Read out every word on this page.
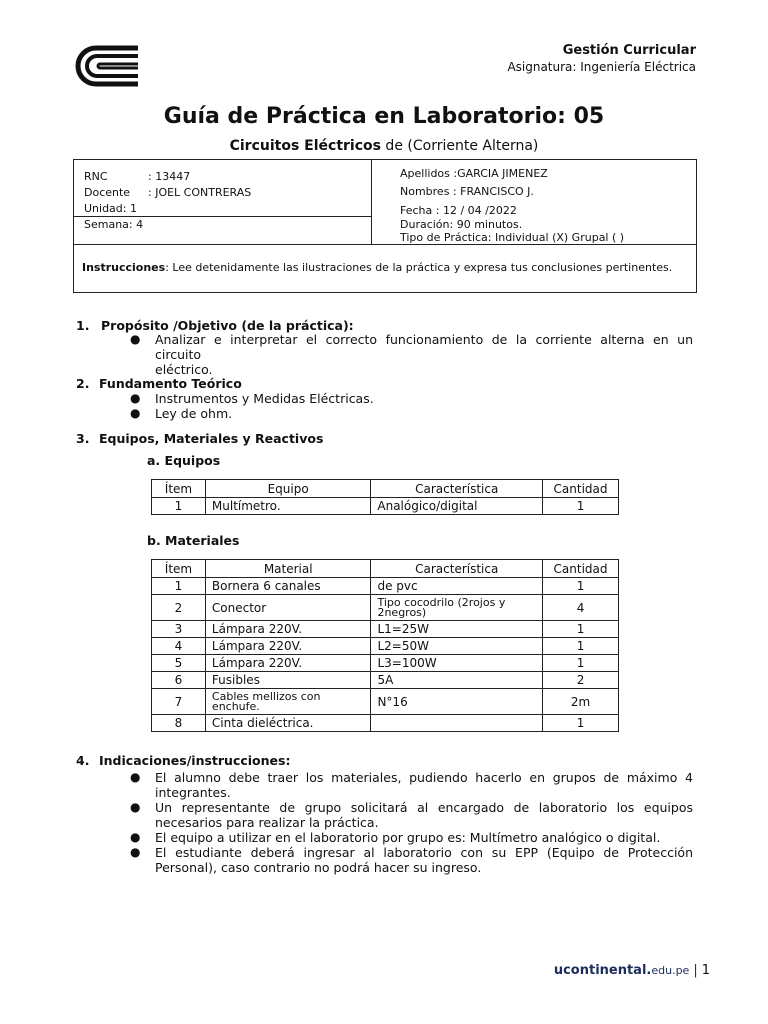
Gestión Curricular
Asignatura: Ingeniería Eléctrica
Guía de Práctica en Laboratorio: 05
Circuitos Eléctricos de (Corriente Alterna)
RNC	: 13447
Docente : JOEL CONTRERAS
Unidad: 1
Semana: 4
Apellidos :GARCIA JIMENEZ
Nombres : FRANCISCO J.
Fecha : 12 / 04 /2022
Duración: 90 minutos.
Tipo de Práctica: Individual (X) Grupal ( )
Instrucciones: Lee detenidamente las ilustraciones de la práctica y expresa tus conclusiones pertinentes.
1. Propósito /Objetivo (de la práctica):
● Analizar e interpretar el correcto funcionamiento de la corriente alterna en un circuito
eléctrico.
2. Fundamento Teórico
● Instrumentos y Medidas Eléctricas.
● Ley de ohm.
3. Equipos, Materiales y Reactivos
a. Equipos
Ítem	Equipo	Característica	Cantidad
1	Multímetro.	Analógico/digital	1
b. Materiales
Ítem	Material	Característica	Cantidad
1	Bornera 6 canales	de pvc	1
2	Conector	Tipo cocodrilo (2rojos y 2negros)	4
3	Lámpara 220V.	L1=25W	1
4	Lámpara 220V.	L2=50W	1
5	Lámpara 220V.	L3=100W	1
6	Fusibles	5A	2
7	Cables mellizos con enchufe.	N°16	2m
8	Cinta dieléctrica.		1
4. Indicaciones/instrucciones:
● El alumno debe traer los materiales, pudiendo hacerlo en grupos de máximo 4
integrantes.
● Un representante de grupo solicitará al encargado de laboratorio los equipos
necesarios para realizar la práctica.
● El equipo a utilizar en el laboratorio por grupo es: Multímetro analógico o digital.
● El estudiante deberá ingresar al laboratorio con su EPP (Equipo de Protección
Personal), caso contrario no podrá hacer su ingreso.
ucontinental.edu.pe | 1
